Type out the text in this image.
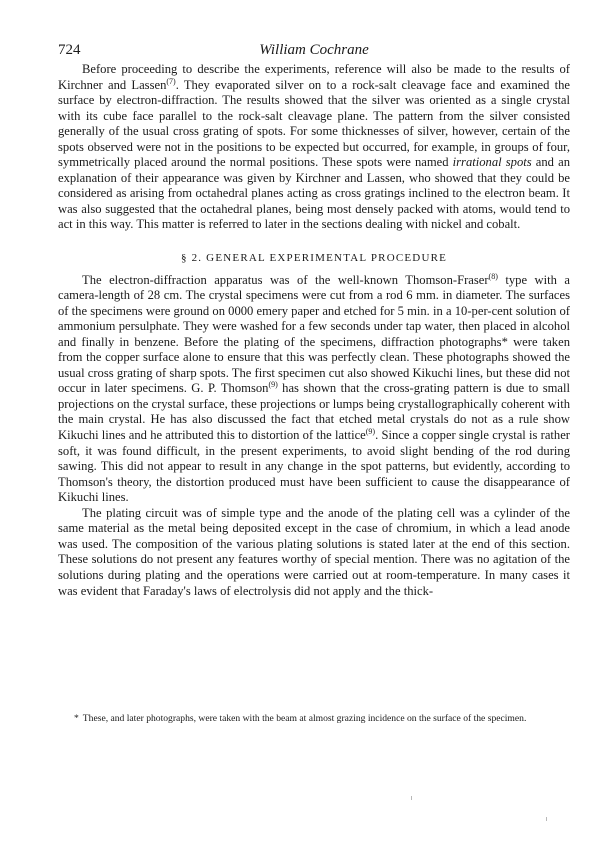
724	William Cochrane

Before proceeding to describe the experiments, reference will also be made to the results of Kirchner and Lassen$^{(7)}$. They evaporated silver on to a rock-salt cleavage face and examined the surface by electron-diffraction. The results showed that the silver was oriented as a single crystal with its cube face parallel to the rock-salt cleavage plane. The pattern from the silver consisted generally of the usual cross grating of spots. For some thicknesses of silver, however, certain of the spots observed were not in the positions to be expected but occurred, for example, in groups of four, symmetrically placed around the normal positions. These spots were named irrational spots and an explanation of their appearance was given by Kirchner and Lassen, who showed that they could be considered as arising from octahedral planes acting as cross gratings inclined to the electron beam. It was also suggested that the octahedral planes, being most densely packed with atoms, would tend to act in this way. This matter is referred to later in the sections dealing with nickel and cobalt.

§ 2. GENERAL EXPERIMENTAL PROCEDURE

The electron-diffraction apparatus was of the well-known Thomson-Fraser$^{(8)}$ type with a camera-length of 28 cm. The crystal specimens were cut from a rod 6 mm. in diameter. The surfaces of the specimens were ground on 0000 emery paper and etched for 5 min. in a 10-per-cent solution of ammonium persulphate. They were washed for a few seconds under tap water, then placed in alcohol and finally in benzene. Before the plating of the specimens, diffraction photographs* were taken from the copper surface alone to ensure that this was perfectly clean. These photographs showed the usual cross grating of sharp spots. The first specimen cut also showed Kikuchi lines, but these did not occur in later specimens. G. P. Thomson$^{(9)}$ has shown that the cross-grating pattern is due to small projections on the crystal surface, these projections or lumps being crystallographically coherent with the main crystal. He has also discussed the fact that etched metal crystals do not as a rule show Kikuchi lines and he attributed this to distortion of the lattice$^{(9)}$. Since a copper single crystal is rather soft, it was found difficult, in the present experiments, to avoid slight bending of the rod during sawing. This did not appear to result in any change in the spot patterns, but evidently, according to Thomson's theory, the distortion produced must have been sufficient to cause the disappearance of Kikuchi lines.

The plating circuit was of simple type and the anode of the plating cell was a cylinder of the same material as the metal being deposited except in the case of chromium, in which a lead anode was used. The composition of the various plating solutions is stated later at the end of this section. These solutions do not present any features worthy of special mention. There was no agitation of the solutions during plating and the operations were carried out at room-temperature. In many cases it was evident that Faraday's laws of electrolysis did not apply and the thick-

* These, and later photographs, were taken with the beam at almost grazing incidence on the surface of the specimen.
